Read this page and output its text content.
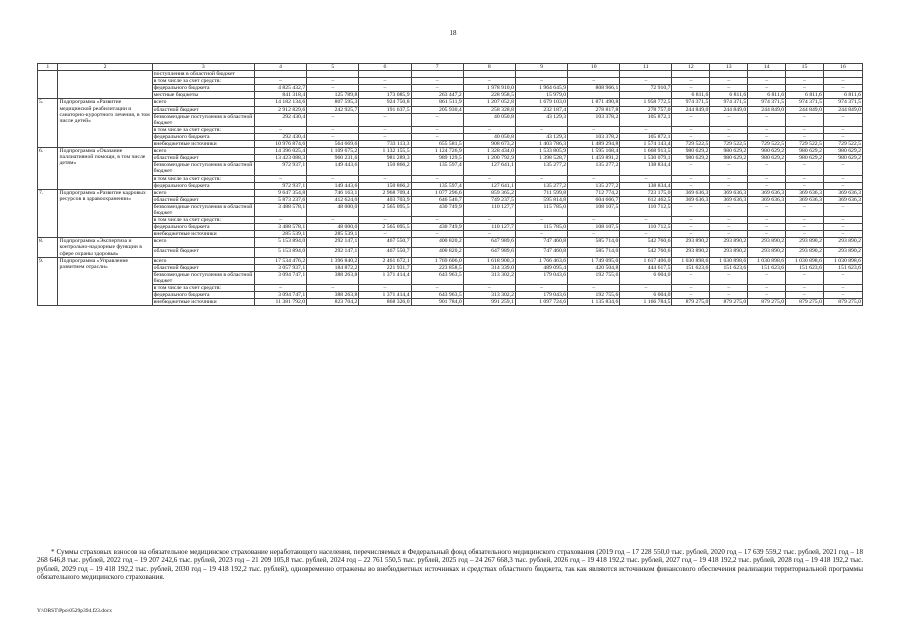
18
1	2	3	4	5	6	7	8	9	10	11	12	13	14	15	16
		поступления в областной бюджет													
		в том числе за счет средств:	–	–	–	–	–	–	–	–	–	–	–	–	–
		федерального бюджета	4 825 432,7	–	–	–	1 978 910,0	1 964 645,9	808 966,1	72 910,7	–	–	–	–	–
		местные бюджеты	841 318,4	125 789,8	173 085,9	263 447,2	228 958,5	15 979,0			6 811,6	6 811,6	6 811,6	6 811,6	6 811,6
5.	Подпрограмма «Развитие медицинской реабилитации и санаторно-курортного лечения, в том числе детей»	всего	14 182 134,6	807 595,3	924 750,8	861 511,9	1 207 052,8	1 679 103,0	1 871 490,8	1 958 772,5	974 371,5	974 371,5	974 371,5	974 371,5	974 371,5
		областной бюджет	2 912 829,6	242 925,7	191 637,5	205 930,4	258 328,8	232 187,4	278 817,8	278 757,0	244 849,0	244 849,0	244 849,0	244 849,0	244 849,0
		безвозмездные поступления в областной бюджет	292 430,4	–	–	–	40 050,8	43 129,3	103 378,2	105 872,1	–	–	–	–	–
		в том числе за счет средств:	–	–	–	–	–	–	–	–	–	–	–	–	–
		федерального бюджета	292 430,4	–	–	–	40 050,8	43 129,3	103 378,2	105 872,1	–	–	–	–	–
		внебюджетные источники	10 976 874,6	564 669,6	733 113,3	655 581,5	908 673,2	1 403 786,3	1 489 294,8	1 574 143,4	729 522,5	729 522,5	729 522,5	729 522,5	729 522,5
6.	Подпрограмма «Оказание паллиативной помощи, в том числе детям»	всего	14 396 025,4	1 109 675,2	1 132 155,5	1 124 726,9	1 328 434,0	1 533 805,9	1 595 168,4	1 668 913,5	980 629,2	980 629,2	980 629,2	980 629,2	980 629,2
		областной бюджет	13 423 088,3	960 231,6	981 289,3	989 129,5	1 200 792,9	1 398 528,7	1 459 891,2	1 530 079,1	980 629,2	980 629,2	980 629,2	980 629,2	980 629,2
		безвозмездные поступления в областной бюджет	972 937,1	149 443,6	150 866,2	135 597,4	127 641,1	135 277,2	135 277,2	138 834,4	–	–	–	–	–
		в том числе за счет средств:	–	–	–	–	–	–	–	–	–	–	–	–	–
		федерального бюджета	972 937,1	149 443,6	150 866,2	135 597,4	127 641,1	135 277,2	135 277,2	138 834,4	–	–	–	–	–
7.	Подпрограмма «Развитие кадровых ресурсов в здравоохранении»	всего	9 647 354,8	746 163,1	2 968 709,4	1 077 296,6	859 365,2	711 599,8	712 774,2	723 175,0	369 636,3	369 636,3	369 636,3	369 636,3	369 636,3
		областной бюджет	5 873 237,6	412 624,0	403 703,9	646 546,7	749 237,5	595 814,8	604 666,7	612 462,5	369 636,3	369 636,3	369 636,3	369 636,3	369 636,3
		безвозмездные поступления в областной бюджет	3 488 578,1	48 000,0	2 565 095,5	430 749,9	110 127,7	115 785,0	108 107,5	110 712,5	–	–	–	–	–
		в том числе за счет средств:	–	–	–	–	–	–	–	–	–	–	–	–	–
		федерального бюджета	3 488 578,1	48 000,0	2 565 095,5	430 749,9	110 127,7	115 785,0	108 107,5	110 712,5	–	–	–	–	–
		внебюджетные источники	285 539,1	285 539,1	–	–	–	–	–	–	–	–	–	–	–
8.	Подпрограмма «Экспертиза и контрольно-надзорные функции в сфере охраны здоровья»	всего	5 153 894,0	292 147,1	467 550,7	400 820,2	647 989,6	747 460,8	585 714,0	542 760,6	293 890,2	293 890,2	293 890,2	293 890,2	293 890,2
		областной бюджет	5 153 894,0	292 147,1	467 550,7	400 820,2	647 989,6	747 460,8	585 714,0	542 760,6	293 890,2	293 890,2	293 890,2	293 890,2	293 890,2
9.	Подпрограмма «Управление развитием отрасли»	всего	17 534 476,2	1 396 840,2	2 461 672,1	1 769 606,0	1 618 900,3	1 766 463,6	1 749 095,0	1 617 406,0	1 030 898,6	1 030 898,6	1 030 898,6	1 030 898,6	1 030 898,6
		областной бюджет	3 057 937,1	184 872,2	221 931,7	223 858,5	314 339,0	489 095,4	420 504,8	444 617,5	151 623,6	151 623,6	151 623,6	151 623,6	151 623,6
		безвозмездные поступления в областной бюджет	3 094 747,1	388 263,8	1 371 414,4	643 963,5	313 302,2	179 043,6	192 755,6	6 004,0	–	–	–	–	–
		в том числе за счет средств:	–	–	–	–	–	–	–	–	–	–	–	–	–
		федерального бюджета	3 094 747,1	388 263,8	1 371 414,4	643 963,5	313 302,2	179 043,6	192 755,6	6 004,0	–	–	–	–	–
		внебюджетные источники	11 381 792,0	823 704,2	868 326,0	901 784,0	991 259,1	1 097 724,6	1 135 834,6	1 166 784,5	879 275,0	879 275,0	879 275,0	879 275,0	879 275,0
* Суммы страховых взносов на обязательное медицинское страхование неработающего населения, перечисляемых в Федеральный фонд обязательного медицинского страхования (2019 год – 17 228 550,0 тыс. рублей, 2020 год – 17 639 559,2 тыс. рублей, 2021 год – 18 268 646,8 тыс. рублей, 2022 год – 19 207 242,6 тыс. рублей, 2023 год – 21 209 105,8 тыс. рублей, 2024 год – 22 761 550,5 тыс. рублей, 2025 год – 24 267 668,3 тыс. рублей, 2026 год – 19 418 192,2 тыс. рублей, 2027 год – 19 418 192,2 тыс. рублей, 2028 год – 19 418 192,2 тыс. рублей, 2029 год – 19 418 192,2 тыс. рублей, 2030 год – 19 418 192,2 тыс. рублей), одновременно отражены во внебюджетных источниках и средствах областного бюджета, так как являются источником финансового обеспечения реализации территориальной программы обязательного медицинского страхования.
Y:\ORST\Ppo\0529p394.f23.docx
